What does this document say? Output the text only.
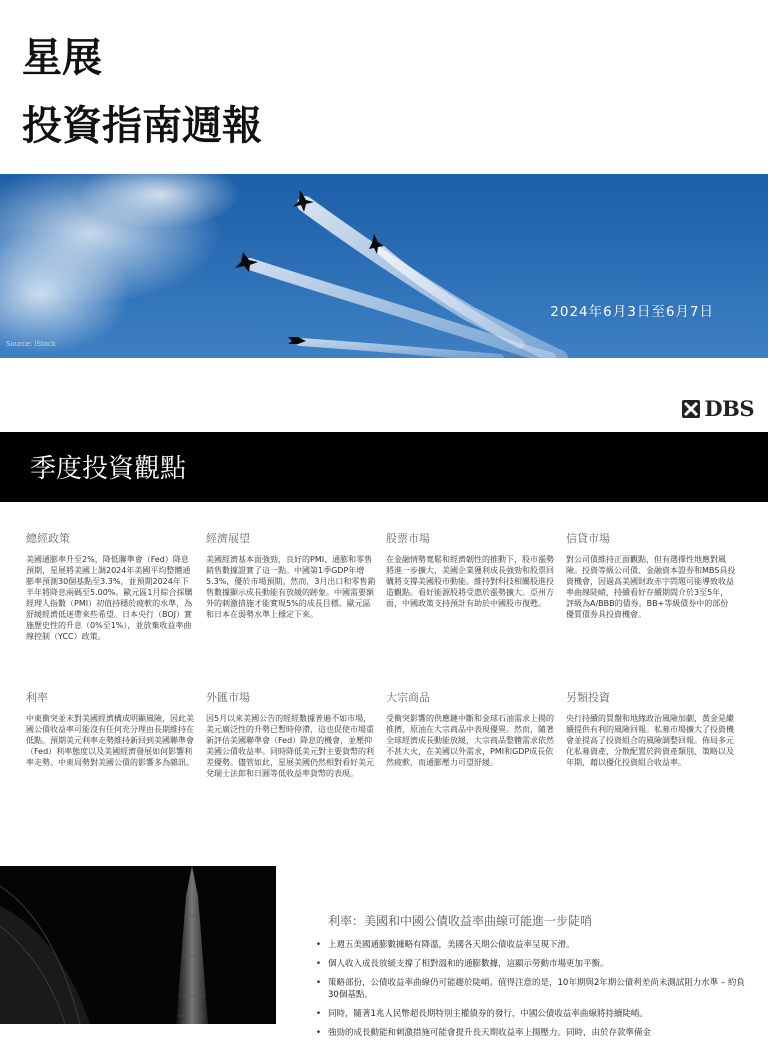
星展
投資指南週報
2024年6月3日至6月7日
Source: iStock
DBS
季度投資觀點
總經政策

美國通膨率升至2%，降低聯準會（Fed）降息預期，星展將美國上調2024年美國平均整體通膨率預測30個基點至3.3%，並預期2024年下半年將降息兩碼至5.00%。歐元區1月綜合採購經理人指數（PMI）初值持穩於疲軟的水準，為舒緩經濟低迷帶來些希望。日本央行（BOJ）實施歷史性的升息（0%至1%），並放棄收益率曲線控制（YCC）政策。

經濟展望

美國經濟基本面強勁，良好的PMI、通膨和零售銷售數據證實了這一點。中國第1季GDP年增 5.3%，優於市場預期。然而，3月出口和零售銷售數據顯示成長動能有放緩的跡象。中國需要額外的刺激措施才能實現5%的成長目標。歐元區和日本在弱勢水準上穩定下來。

股票市場

在金融情勢寬鬆和經濟韌性的推動下，股市漲勢將進一步擴大，美國企業獲利成長強勁和股票回購將支撐美國股市動能。維持對科技相關股進投造觀點。看好能源股將受惠於漲勢擴大。亞州方面，中國政策支持預計有助於中國股市復甦。

信貸市場

對公司債維持正面觀點，但有選擇性地應對風險。投資等級公司債、金融資本證券和MBS具投資機會，因過高美國財政赤字問題可能導致收益率曲線陡峭，持續看好存續期間介於3至5年，評級為A/BBB的債券。BB+等級債券中的部份優質債券具投資機會。

利率

中東衝突並未對美國經濟構成明顯風險，因此美國公債收益率可能沒有任何充分理由長期維持在低點。預期美元利率走勢維持新回到美國聯準會（Fed）利率態度以及美國經濟發展如何影響利率走勢。中東局勢對美國公債的影響多為雜訊。

外匯市場

因5月以來美國公告的經經數據普遍不如市場，美元廣泛性的升勢已暫時停滯，這也促使市場重新評估美國聯準會（Fed）降息的機會，並壓抑美國公債收益率。同時降低美元對主要貨幣的利差優勢。儘管如此，星展美國仍然相對看好美元兌瑞士法郎和日圓等低收益率貨幣的表現。

大宗商品

受衝突影響的供應鏈中斷和金球石油需求上揚的推擠，原油在大宗商品中表現優異。然而，隨著全球經濟成長動能放緩，大宗商品整體需求依然不甚大火，在美國以外需求，PMI和GDP成長依然疲軟，而通膨壓力可望舒緩。

另類投資

央行持續的買盤和地緣政治風險加劇，黃金是繼續提供有利的風險回報。私募市場擴大了投資機會並提高了投資組合的風險調整回報。佈局多元化私募資產，分散配置於跨資產類別、策略以及年期，藉以優化投資組合收益率。

利率：美國和中國公債收益率曲線可能進一步陡哨
• 上週五美國通膨數據略有降溫，美國各天期公債收益率呈現下滑。
• 個人收入成長放緩支撐了相對溫和的通膨數據，這顯示勞動市場更加平衡。
• 策略部份，公債收益率曲線仍可能趨於陡峭。值得注意的是，10年期與2年期公債利差尚未測試阻力水準 – 約負30個基點。
• 同時，隨著1兆人民幣超長期特別主權債券的發行，中國公債收益率曲線將持續陡峭。
• 強勁的成長動能和刺激措施可能會提升長天期收益率上揚壓力。同時，由於存款準備金
